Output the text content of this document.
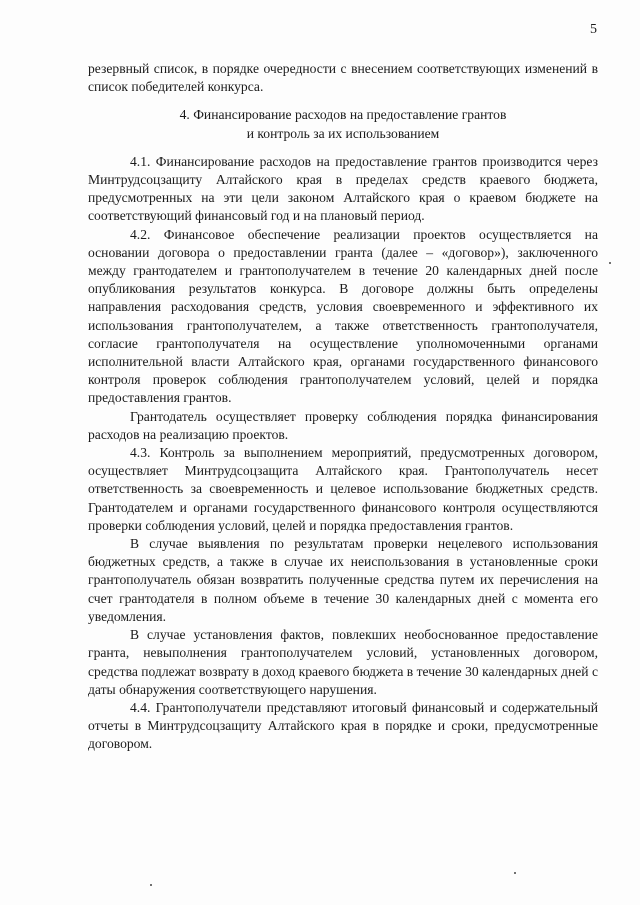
5

резервный список, в порядке очередности с внесением соответствующих изменений в список победителей конкурса.

4. Финансирование расходов на предоставление грантов
и контроль за их использованием

4.1. Финансирование расходов на предоставление грантов производится через Минтрудсоцзащиту Алтайского края в пределах средств краевого бюджета, предусмотренных на эти цели законом Алтайского края о краевом бюджете на соответствующий финансовый год и на плановый период.

4.2. Финансовое обеспечение реализации проектов осуществляется на основании договора о предоставлении гранта (далее – «договор»), заключенного между грантодателем и грантополучателем в течение 20 календарных дней после опубликования результатов конкурса. В договоре должны быть определены направления расходования средств, условия своевременного и эффективного их использования грантополучателем, а также ответственность грантополучателя, согласие грантополучателя на осуществление уполномоченными органами исполнительной власти Алтайского края, органами государственного финансового контроля проверок соблюдения грантополучателем условий, целей и порядка предоставления грантов.

Грантодатель осуществляет проверку соблюдения порядка финансирования расходов на реализацию проектов.

4.3. Контроль за выполнением мероприятий, предусмотренных договором, осуществляет Минтрудсоцзащита Алтайского края. Грантополучатель несет ответственность за своевременность и целевое использование бюджетных средств. Грантодателем и органами государственного финансового контроля осуществляются проверки соблюдения условий, целей и порядка предоставления грантов.

В случае выявления по результатам проверки нецелевого использования бюджетных средств, а также в случае их неиспользования в установленные сроки грантополучатель обязан возвратить полученные средства путем их перечисления на счет грантодателя в полном объеме в течение 30 календарных дней с момента его уведомления.

В случае установления фактов, повлекших необоснованное предоставление гранта, невыполнения грантополучателем условий, установленных договором, средства подлежат возврату в доход краевого бюджета в течение 30 календарных дней с даты обнаружения соответствующего нарушения.

4.4. Грантополучатели представляют итоговый финансовый и содержательный отчеты в Минтрудсоцзащиту Алтайского края в порядке и сроки, предусмотренные договором.
